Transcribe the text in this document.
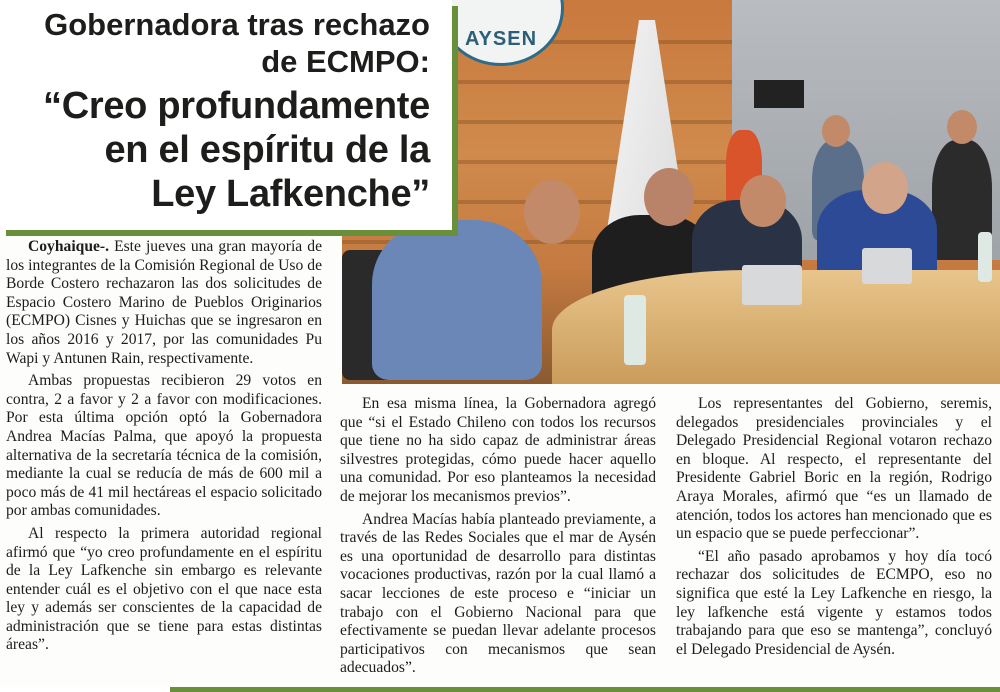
Gobernadora tras rechazo
de ECMPO:
“Creo profundamente
en el espíritu de la
Ley Lafkenche”
AYSEN

Coyhaique-. Este jueves una gran mayoría de los integrantes de la Comisión Regional de Uso de Borde Costero rechazaron las dos solicitudes de Espacio Costero Marino de Pueblos Originarios (ECMPO) Cisnes y Huichas que se ingresaron en los años 2016 y 2017, por las comunidades Pu Wapi y Antunen Rain, respectivamente.

Ambas propuestas recibieron 29 votos en contra, 2 a favor y 2 a favor con modificaciones. Por esta última opción optó la Gobernadora Andrea Macías Palma, que apoyó la propuesta alternativa de la secretaría técnica de la comisión, mediante la cual se reducía de más de 600 mil a poco más de 41 mil hectáreas el espacio solicitado por ambas comunidades.

Al respecto la primera autoridad regional afirmó que “yo creo profundamente en el espíritu de la Ley Lafkenche sin embargo es relevante entender cuál es el objetivo con el que nace esta ley y además ser conscientes de la capacidad de administración que se tiene para estas distintas áreas”.

En esa misma línea, la Gobernadora agregó que “si el Estado Chileno con todos los recursos que tiene no ha sido capaz de administrar áreas silvestres protegidas, cómo puede hacer aquello una comunidad. Por eso planteamos la necesidad de mejorar los mecanismos previos”.

Andrea Macías había planteado previamente, a través de las Redes Sociales que el mar de Aysén es una oportunidad de desarrollo para distintas vocaciones productivas, razón por la cual llamó a sacar lecciones de este proceso e “iniciar un trabajo con el Gobierno Nacional para que efectivamente se puedan llevar adelante procesos participativos con mecanismos que sean adecuados”.

Los representantes del Gobierno, seremis, delegados presidenciales provinciales y el Delegado Presidencial Regional votaron rechazo en bloque. Al respecto, el representante del Presidente Gabriel Boric en la región, Rodrigo Araya Morales, afirmó que “es un llamado de atención, todos los actores han mencionado que es un espacio que se puede perfeccionar”.

“El año pasado aprobamos y hoy día tocó rechazar dos solicitudes de ECMPO, eso no significa que esté la Ley Lafkenche en riesgo, la ley lafkenche está vigente y estamos todos trabajando para que eso se mantenga”, concluyó el Delegado Presidencial de Aysén.
